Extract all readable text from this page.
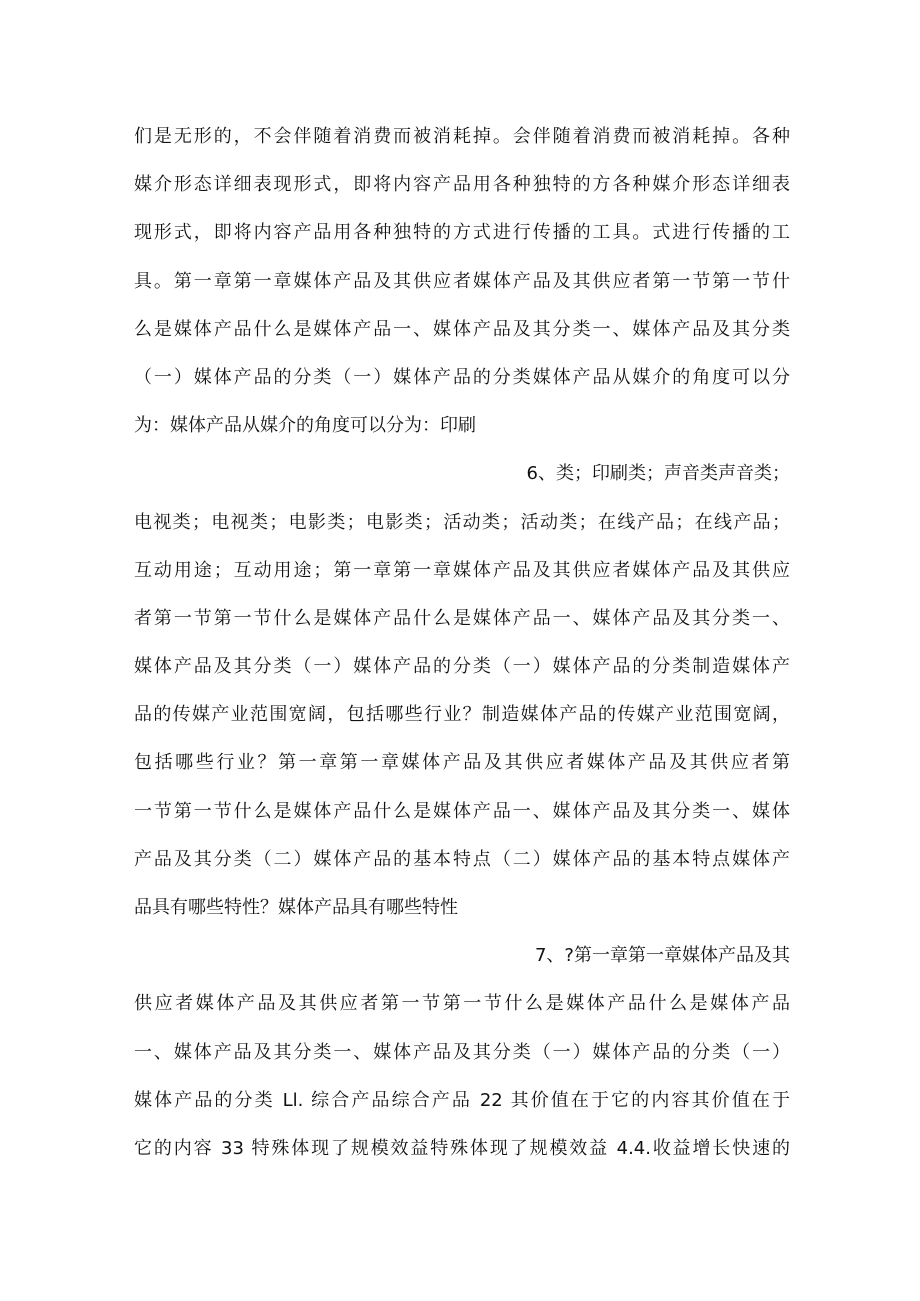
们是无形的，不会伴随着消费而被消耗掉。会伴随着消费而被消耗掉。各种
媒介形态详细表现形式，即将内容产品用各种独特的方各种媒介形态详细表
现形式，即将内容产品用各种独特的方式进行传播的工具。式进行传播的工
具。第一章第一章媒体产品及其供应者媒体产品及其供应者第一节第一节什
么是媒体产品什么是媒体产品一、媒体产品及其分类一、媒体产品及其分类
（一）媒体产品的分类（一）媒体产品的分类媒体产品从媒介的角度可以分
为：媒体产品从媒介的角度可以分为：印刷
6、类；印刷类；声音类声音类；
电视类；电视类；电影类；电影类；活动类；活动类；在线产品；在线产品；
互动用途；互动用途；第一章第一章媒体产品及其供应者媒体产品及其供应
者第一节第一节什么是媒体产品什么是媒体产品一、媒体产品及其分类一、
媒体产品及其分类（一）媒体产品的分类（一）媒体产品的分类制造媒体产
品的传媒产业范围宽阔，包括哪些行业？制造媒体产品的传媒产业范围宽阔，
包括哪些行业？第一章第一章媒体产品及其供应者媒体产品及其供应者第
一节第一节什么是媒体产品什么是媒体产品一、媒体产品及其分类一、媒体
产品及其分类（二）媒体产品的基本特点（二）媒体产品的基本特点媒体产
品具有哪些特性？媒体产品具有哪些特性
7、?第一章第一章媒体产品及其
供应者媒体产品及其供应者第一节第一节什么是媒体产品什么是媒体产品
一、媒体产品及其分类一、媒体产品及其分类（一）媒体产品的分类（一）
媒体产品的分类 Ll. 综合产品综合产品 22 其价值在于它的内容其价值在于
它的内容 33 特殊体现了规模效益特殊体现了规模效益 4.4.收益增长快速的
